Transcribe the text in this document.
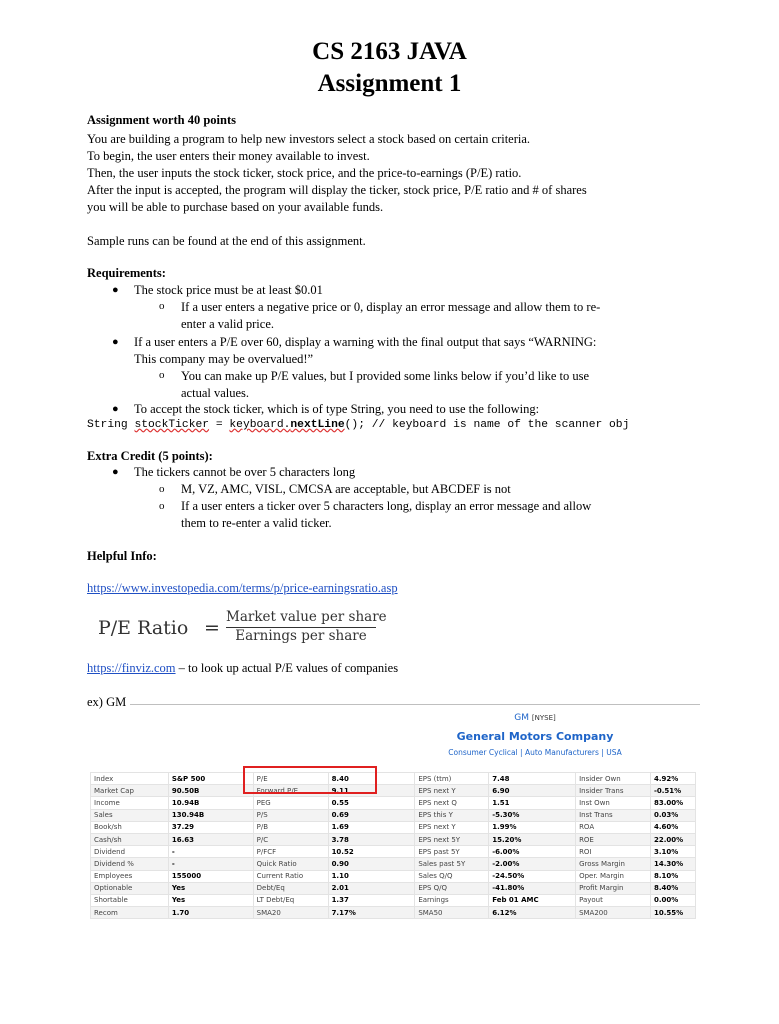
CS 2163 JAVA
Assignment 1
Assignment worth 40 points
You are building a program to help new investors select a stock based on certain criteria.
To begin, the user enters their money available to invest.
Then, the user inputs the stock ticker, stock price, and the price-to-earnings (P/E) ratio.
After the input is accepted, the program will display the ticker, stock price, P/E ratio and # of shares
you will be able to purchase based on your available funds.
Sample runs can be found at the end of this assignment.
Requirements:
● The stock price must be at least $0.01
o If a user enters a negative price or 0, display an error message and allow them to re-
enter a valid price.
● If a user enters a P/E over 60, display a warning with the final output that says “WARNING:
This company may be overvalued!”
o You can make up P/E values, but I provided some links below if you’d like to use
actual values.
● To accept the stock ticker, which is of type String, you need to use the following:
String stockTicker = keyboard.nextLine(); // keyboard is name of the scanner obj
Extra Credit (5 points):
● The tickers cannot be over 5 characters long
o M, VZ, AMC, VISL, CMCSA are acceptable, but ABCDEF is not
o If a user enters a ticker over 5 characters long, display an error message and allow
them to re-enter a valid ticker.
Helpful Info:
https://www.investopedia.com/terms/p/price-earningsratio.asp
P/E Ratio = Market value per share
Earnings per share
https://finviz.com – to look up actual P/E values of companies
ex) GM
GM [NYSE]
General Motors Company
Consumer Cyclical | Auto Manufacturers | USA
Index	S&P 500	P/E	8.40	EPS (ttm)	7.48	Insider Own	4.92%
Market Cap	90.50B	Forward P/E	9.11	EPS next Y	6.90	Insider Trans	-0.51%
Income	10.94B	PEG	0.55	EPS next Q	1.51	Inst Own	83.00%
Sales	130.94B	P/S	0.69	EPS this Y	-5.30%	Inst Trans	0.03%
Book/sh	37.29	P/B	1.69	EPS next Y	1.99%	ROA	4.60%
Cash/sh	16.63	P/C	3.78	EPS next 5Y	15.20%	ROE	22.00%
Dividend	-	P/FCF	10.52	EPS past 5Y	-6.00%	ROI	3.10%
Dividend %	-	Quick Ratio	0.90	Sales past 5Y	-2.00%	Gross Margin	14.30%
Employees	155000	Current Ratio	1.10	Sales Q/Q	-24.50%	Oper. Margin	8.10%
Optionable	Yes	Debt/Eq	2.01	EPS Q/Q	-41.80%	Profit Margin	8.40%
Shortable	Yes	LT Debt/Eq	1.37	Earnings	Feb 01 AMC	Payout	0.00%
Recom	1.70	SMA20	7.17%	SMA50	6.12%	SMA200	10.55%
